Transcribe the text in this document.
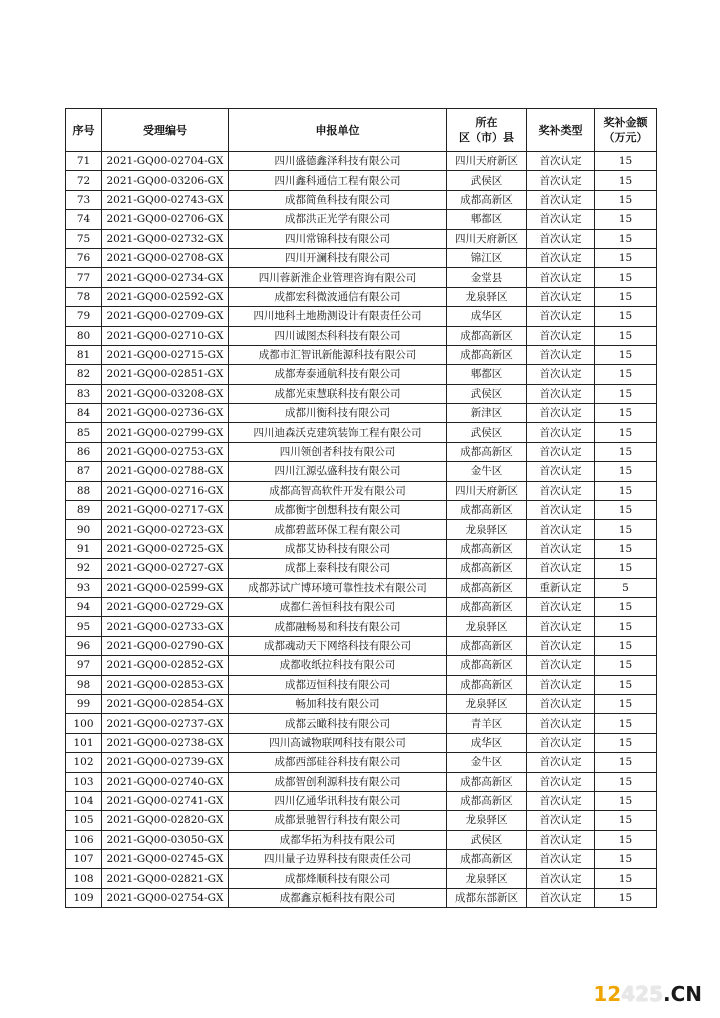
序号	受理编号	申报单位	所在
区（市）县	奖补类型	奖补金额
（万元）
71	2021-GQ00-02704-GX	四川盛德鑫泽科技有限公司	四川天府新区	首次认定	15
72	2021-GQ00-03206-GX	四川鑫科通信工程有限公司	武侯区	首次认定	15
73	2021-GQ00-02743-GX	成都简鱼科技有限公司	成都高新区	首次认定	15
74	2021-GQ00-02706-GX	成都洪正光学有限公司	郫都区	首次认定	15
75	2021-GQ00-02732-GX	四川常锦科技有限公司	四川天府新区	首次认定	15
76	2021-GQ00-02708-GX	四川开澜科技有限公司	锦江区	首次认定	15
77	2021-GQ00-02734-GX	四川蓉新淮企业管理咨询有限公司	金堂县	首次认定	15
78	2021-GQ00-02592-GX	成都宏科微波通信有限公司	龙泉驿区	首次认定	15
79	2021-GQ00-02709-GX	四川地科土地勘测设计有限责任公司	成华区	首次认定	15
80	2021-GQ00-02710-GX	四川诚图杰科科技有限公司	成都高新区	首次认定	15
81	2021-GQ00-02715-GX	成都市汇智讯新能源科技有限公司	成都高新区	首次认定	15
82	2021-GQ00-02851-GX	成都寿泰通航科技有限公司	郫都区	首次认定	15
83	2021-GQ00-03208-GX	成都光束慧联科技有限公司	武侯区	首次认定	15
84	2021-GQ00-02736-GX	成都川衡科技有限公司	新津区	首次认定	15
85	2021-GQ00-02799-GX	四川迪森沃克建筑装饰工程有限公司	武侯区	首次认定	15
86	2021-GQ00-02753-GX	四川领创者科技有限公司	成都高新区	首次认定	15
87	2021-GQ00-02788-GX	四川江源弘盛科技有限公司	金牛区	首次认定	15
88	2021-GQ00-02716-GX	成都高智高软件开发有限公司	四川天府新区	首次认定	15
89	2021-GQ00-02717-GX	成都衡宇创想科技有限公司	成都高新区	首次认定	15
90	2021-GQ00-02723-GX	成都碧蓝环保工程有限公司	龙泉驿区	首次认定	15
91	2021-GQ00-02725-GX	成都艾协科技有限公司	成都高新区	首次认定	15
92	2021-GQ00-02727-GX	成都上泰科技有限公司	成都高新区	首次认定	15
93	2021-GQ00-02599-GX	成都苏试广博环境可靠性技术有限公司	成都高新区	重新认定	5
94	2021-GQ00-02729-GX	成都仁善恒科技有限公司	成都高新区	首次认定	15
95	2021-GQ00-02733-GX	成都融畅易和科技有限公司	龙泉驿区	首次认定	15
96	2021-GQ00-02790-GX	成都魂动天下网络科技有限公司	成都高新区	首次认定	15
97	2021-GQ00-02852-GX	成都收纸拉科技有限公司	成都高新区	首次认定	15
98	2021-GQ00-02853-GX	成都迈恒科技有限公司	成都高新区	首次认定	15
99	2021-GQ00-02854-GX	畅加科技有限公司	龙泉驿区	首次认定	15
100	2021-GQ00-02737-GX	成都云瞰科技有限公司	青羊区	首次认定	15
101	2021-GQ00-02738-GX	四川高诚物联网科技有限公司	成华区	首次认定	15
102	2021-GQ00-02739-GX	成都西部硅谷科技有限公司	金牛区	首次认定	15
103	2021-GQ00-02740-GX	成都智创利源科技有限公司	成都高新区	首次认定	15
104	2021-GQ00-02741-GX	四川亿通华讯科技有限公司	成都高新区	首次认定	15
105	2021-GQ00-02820-GX	成都景驰智行科技有限公司	龙泉驿区	首次认定	15
106	2021-GQ00-03050-GX	成都华拓为科技有限公司	武侯区	首次认定	15
107	2021-GQ00-02745-GX	四川量子边界科技有限责任公司	成都高新区	首次认定	15
108	2021-GQ00-02821-GX	成都烽顺科技有限公司	龙泉驿区	首次认定	15
109	2021-GQ00-02754-GX	成都鑫京栀科技有限公司	成都东部新区	首次认定	15
12425.CN
